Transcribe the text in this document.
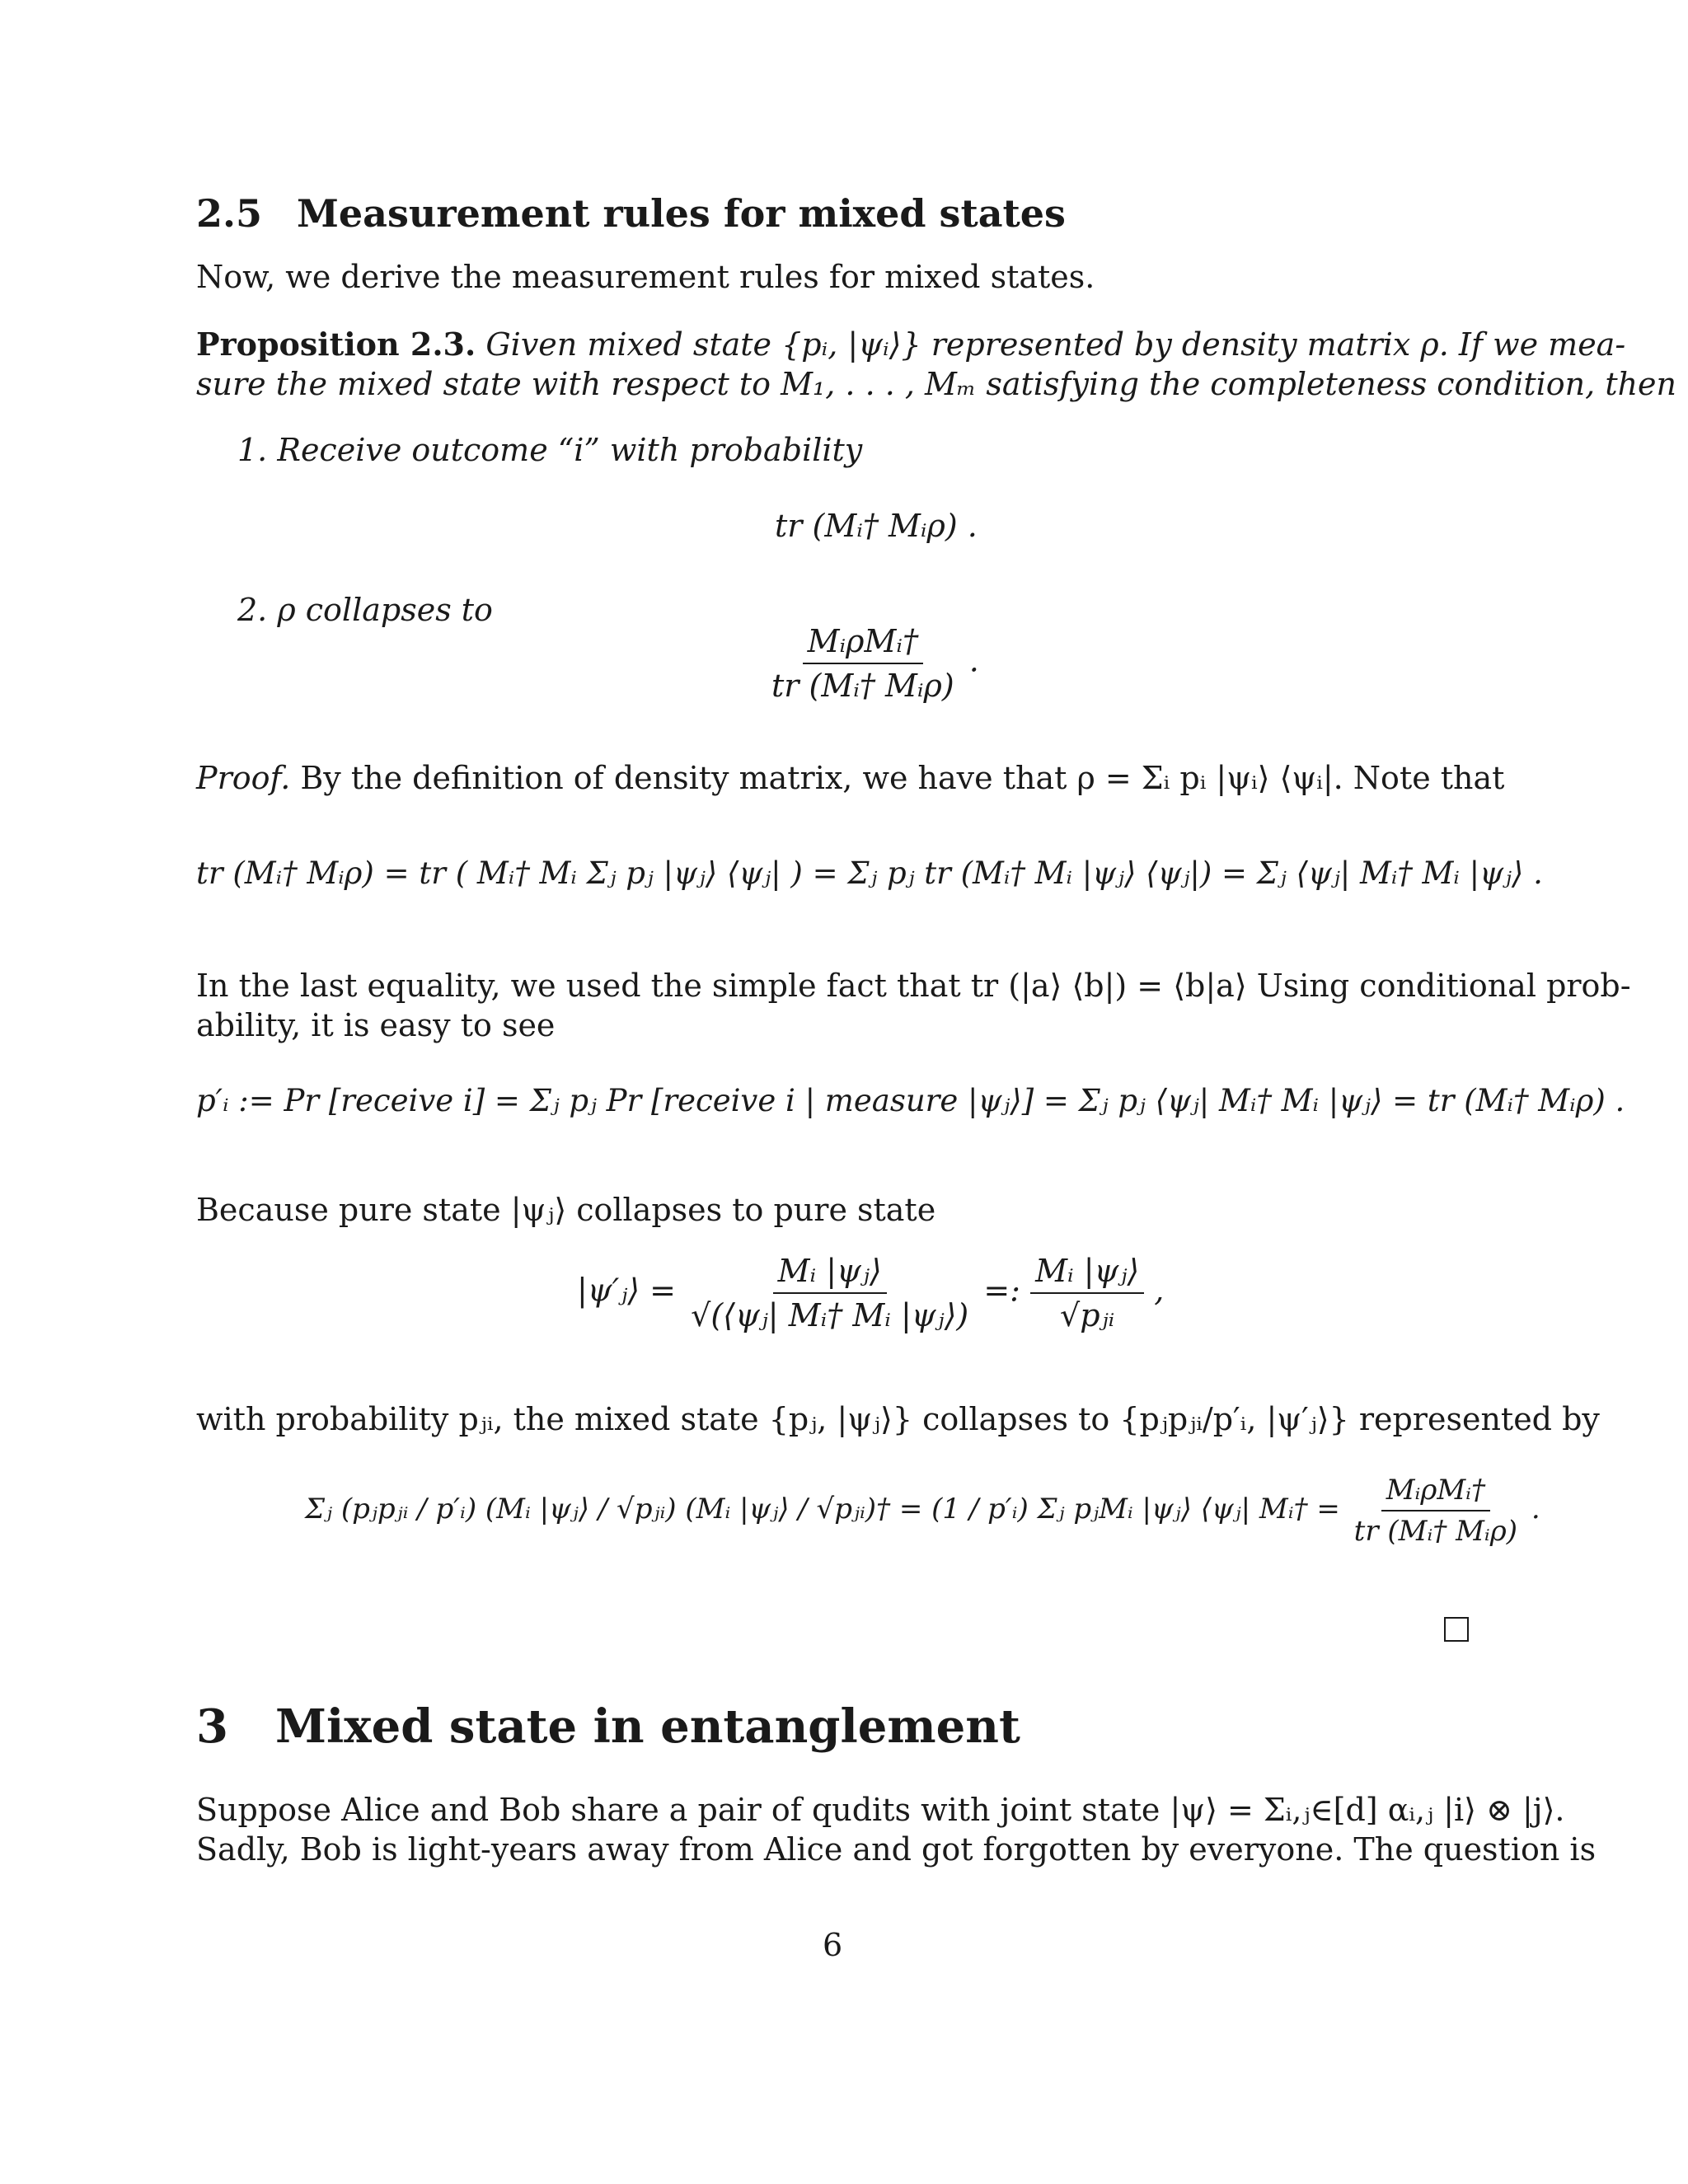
2.5 Measurement rules for mixed states
Now, we derive the measurement rules for mixed states.
Proposition 2.3. Given mixed state {pᵢ, |ψᵢ⟩} represented by density matrix ρ. If we mea-
sure the mixed state with respect to M₁, . . . , Mₘ satisfying the completeness condition, then
1. Receive outcome “i” with probability
tr (Mᵢ† Mᵢρ) .
2. ρ collapses to
$\frac{\text{MᵢρMᵢ†}}{\text{tr (Mᵢ† Mᵢρ)}}$ .
Proof. By the definition of density matrix, we have that ρ = Σᵢ pᵢ |ψᵢ⟩ ⟨ψᵢ|. Note that
tr (Mᵢ† Mᵢρ) = tr ( Mᵢ† Mᵢ Σⱼ pⱼ |ψⱼ⟩ ⟨ψⱼ| ) = Σⱼ pⱼ tr (Mᵢ† Mᵢ |ψⱼ⟩ ⟨ψⱼ|) = Σⱼ ⟨ψⱼ| Mᵢ† Mᵢ |ψⱼ⟩ .
In the last equality, we used the simple fact that tr (|a⟩ ⟨b|) = ⟨b|a⟩ Using conditional prob-
ability, it is easy to see
p′ᵢ := Pr [receive i] = Σⱼ pⱼ Pr [receive i | measure |ψⱼ⟩] = Σⱼ pⱼ ⟨ψⱼ| Mᵢ† Mᵢ |ψⱼ⟩ = tr (Mᵢ† Mᵢρ) .
Because pure state |ψⱼ⟩ collapses to pure state
|ψ′ⱼ⟩ = $\frac{\text{Mᵢ |ψⱼ⟩}}{\text{√(⟨ψⱼ| Mᵢ† Mᵢ |ψⱼ⟩)}}$ =: $\frac{\text{Mᵢ |ψⱼ⟩}}{\text{√pⱼᵢ}}$ ,
with probability pⱼᵢ, the mixed state {pⱼ, |ψⱼ⟩} collapses to {pⱼpⱼᵢ/p′ᵢ, |ψ′ⱼ⟩} represented by
Σⱼ (pⱼpⱼᵢ / p′ᵢ) (Mᵢ |ψⱼ⟩ / √pⱼᵢ) (Mᵢ |ψⱼ⟩ / √pⱼᵢ)† = (1 / p′ᵢ) Σⱼ pⱼMᵢ |ψⱼ⟩ ⟨ψⱼ| Mᵢ† = $\frac{\text{MᵢρMᵢ†}}{\text{tr (Mᵢ† Mᵢρ)}}$ .
3 Mixed state in entanglement
Suppose Alice and Bob share a pair of qudits with joint state |ψ⟩ = Σᵢ,ⱼ∈[d] αᵢ,ⱼ |i⟩ ⊗ |j⟩.
Sadly, Bob is light-years away from Alice and got forgotten by everyone. The question is
6
